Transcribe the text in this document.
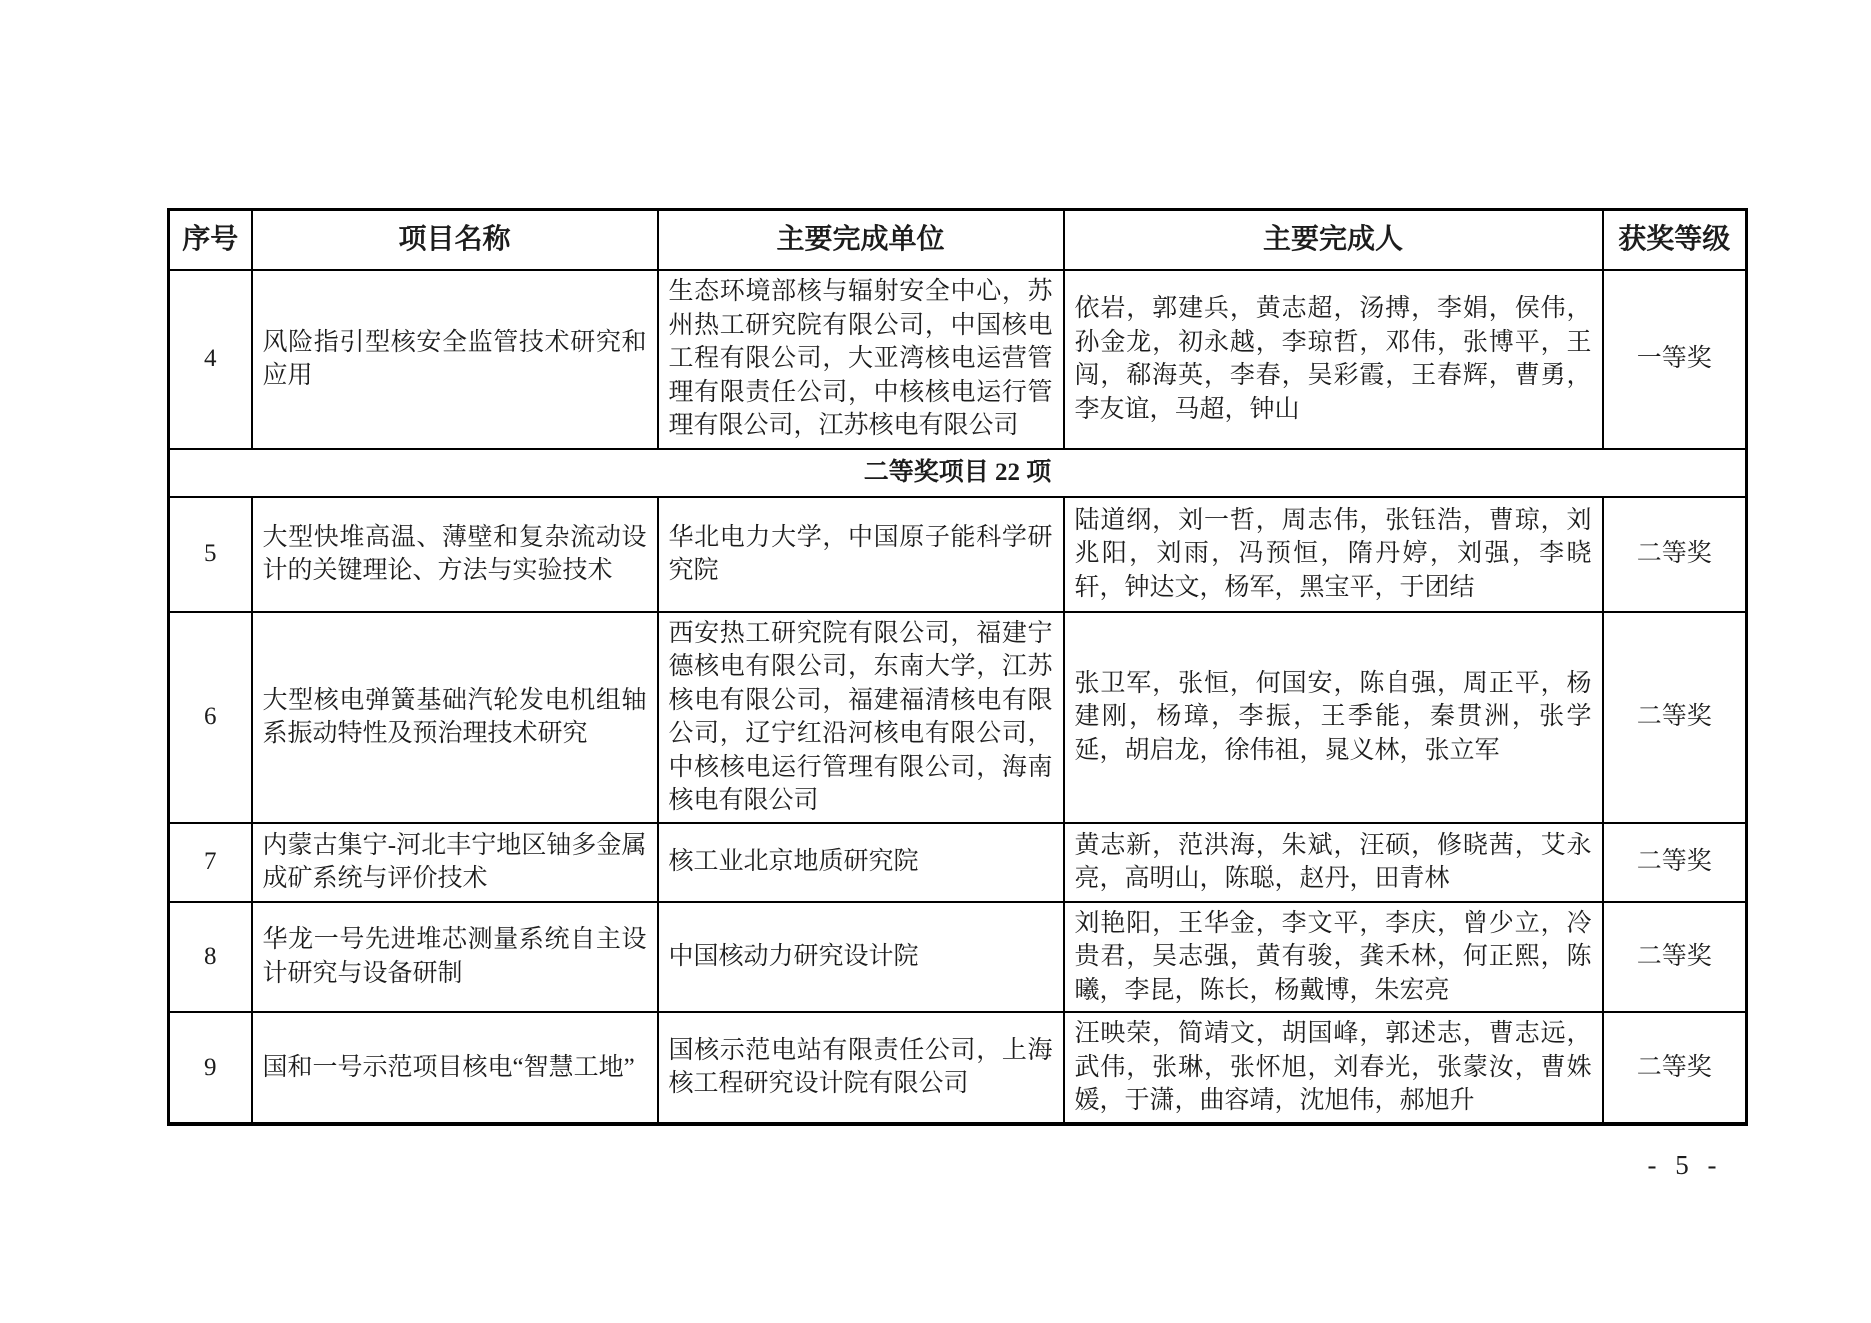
序号	项目名称	主要完成单位	主要完成人	获奖等级
4	风险指引型核安全监管技术研究和应用	生态环境部核与辐射安全中心，苏州热工研究院有限公司，中国核电工程有限公司，大亚湾核电运营管理有限责任公司，中核核电运行管理有限公司，江苏核电有限公司	依岩，郭建兵，黄志超，汤搏，李娟，侯伟，孙金龙，初永越，李琼哲，邓伟，张博平，王闯，郗海英，李春，吴彩霞，王春辉，曹勇，李友谊，马超，钟山	一等奖
二等奖项目 22 项				
5	大型快堆高温、薄壁和复杂流动设计的关键理论、方法与实验技术	华北电力大学，中国原子能科学研究院	陆道纲，刘一哲，周志伟，张钰浩，曹琼，刘兆阳，刘雨，冯预恒，隋丹婷，刘强，李晓轩，钟达文，杨军，黑宝平，于团结	二等奖
6	大型核电弹簧基础汽轮发电机组轴系振动特性及预治理技术研究	西安热工研究院有限公司，福建宁德核电有限公司，东南大学，江苏核电有限公司，福建福清核电有限公司，辽宁红沿河核电有限公司，中核核电运行管理有限公司，海南核电有限公司	张卫军，张恒，何国安，陈自强，周正平，杨建刚，杨璋，李振，王季能，秦贯洲，张学延，胡启龙，徐伟祖，晁义林，张立军	二等奖
7	内蒙古集宁-河北丰宁地区铀多金属成矿系统与评价技术	核工业北京地质研究院	黄志新，范洪海，朱斌，汪硕，修晓茜，艾永亮，高明山，陈聪，赵丹，田青林	二等奖
8	华龙一号先进堆芯测量系统自主设计研究与设备研制	中国核动力研究设计院	刘艳阳，王华金，李文平，李庆，曾少立，冷贵君，吴志强，黄有骏，龚禾林，何正熙，陈曦，李昆，陈长，杨戴博，朱宏亮	二等奖
9	国和一号示范项目核电“智慧工地”	国核示范电站有限责任公司，上海核工程研究设计院有限公司	汪映荣，简靖文，胡国峰，郭述志，曹志远，武伟，张琳，张怀旭，刘春光，张蒙汝，曹姝媛，于潇，曲容靖，沈旭伟，郝旭升	二等奖
- 5 -
